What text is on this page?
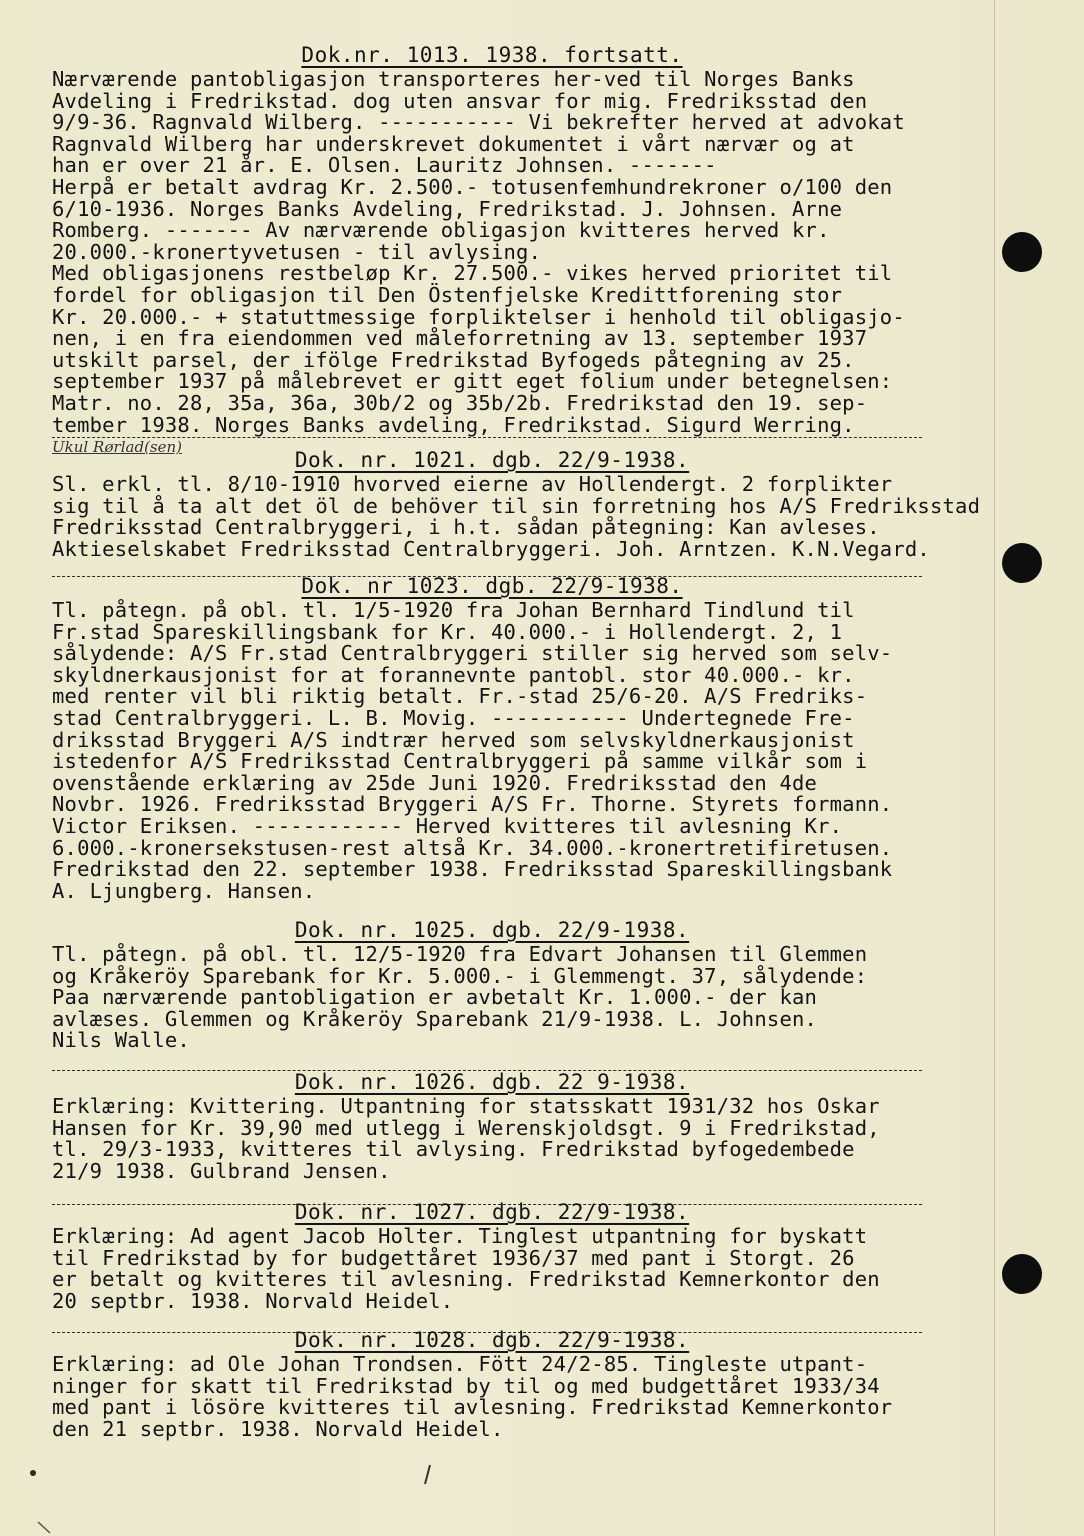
Dok.nr. 1013. 1938. fortsatt.
Nærværende pantobligasjon transporteres her-ved til Norges Banks
Avdeling i Fredrikstad. dog uten ansvar for mig. Fredriksstad den
9/9-36. Ragnvald Wilberg. ----------- Vi bekrefter herved at advokat
Ragnvald Wilberg har underskrevet dokumentet i vårt nærvær og at
han er over 21 år. E. Olsen. Lauritz Johnsen. -------
Herpå er betalt avdrag Kr. 2.500.- totusenfemhundrekroner o/100 den
6/10-1936. Norges Banks Avdeling, Fredrikstad. J. Johnsen. Arne
Romberg. ------- Av nærværende obligasjon kvitteres herved kr.
20.000.-kronertyvetusen - til avlysing.
Med obligasjonens restbeløp Kr. 27.500.- vikes herved prioritet til
fordel for obligasjon til Den Östenfjelske Kredittforening stor
Kr. 20.000.- + statuttmessige forpliktelser i henhold til obligasjo-
nen, i en fra eiendommen ved måleforretning av 13. september 1937
utskilt parsel, der ifölge Fredrikstad Byfogeds påtegning av 25.
september 1937 på målebrevet er gitt eget folium under betegnelsen:
Matr. no. 28, 35a, 36a, 30b/2 og 35b/2b. Fredrikstad den 19. sep-
tember 1938. Norges Banks avdeling, Fredrikstad. Sigurd Werring.
Ukul Rørlad(sen)
Dok. nr. 1021. dgb. 22/9-1938.
Sl. erkl. tl. 8/10-1910 hvorved eierne av Hollendergt. 2 forplikter
sig til å ta alt det öl de behöver til sin forretning hos A/S Fredriksstad
Fredriksstad Centralbryggeri, i h.t. sådan påtegning: Kan avleses.
Aktieselskabet Fredriksstad Centralbryggeri. Joh. Arntzen. K.N.Vegard.
Dok. nr 1023. dgb. 22/9-1938.
Tl. påtegn. på obl. tl. 1/5-1920 fra Johan Bernhard Tindlund til
Fr.stad Spareskillingsbank for Kr. 40.000.- i Hollendergt. 2, 1
sålydende: A/S Fr.stad Centralbryggeri stiller sig herved som selv-
skyldnerkausjonist for at forannevnte pantobl. stor 40.000.- kr.
med renter vil bli riktig betalt. Fr.-stad 25/6-20. A/S Fredriks-
stad Centralbryggeri. L. B. Movig. ----------- Undertegnede Fre-
driksstad Bryggeri A/S indtrær herved som selvskyldnerkausjonist
istedenfor A/S Fredriksstad Centralbryggeri på samme vilkår som i
ovenstående erklæring av 25de Juni 1920. Fredriksstad den 4de
Novbr. 1926. Fredriksstad Bryggeri A/S Fr. Thorne. Styrets formann.
Victor Eriksen. ------------ Herved kvitteres til avlesning Kr.
6.000.-kronersekstusen-rest altså Kr. 34.000.-kronertretifiretusen.
Fredrikstad den 22. september 1938. Fredriksstad Spareskillingsbank
A. Ljungberg. Hansen.
Dok. nr. 1025. dgb. 22/9-1938.
Tl. påtegn. på obl. tl. 12/5-1920 fra Edvart Johansen til Glemmen
og Kråkeröy Sparebank for Kr. 5.000.- i Glemmengt. 37, sålydende:
Paa nærværende pantobligation er avbetalt Kr. 1.000.- der kan
avlæses. Glemmen og Kråkeröy Sparebank 21/9-1938. L. Johnsen.
Nils Walle.
Dok. nr. 1026. dgb. 22 9-1938.
Erklæring: Kvittering. Utpantning for statsskatt 1931/32 hos Oskar
Hansen for Kr. 39,90 med utlegg i Werenskjoldsgt. 9 i Fredrikstad,
tl. 29/3-1933, kvitteres til avlysing. Fredrikstad byfogedembede
21/9 1938. Gulbrand Jensen.
Dok. nr. 1027. dgb. 22/9-1938.
Erklæring: Ad agent Jacob Holter. Tinglest utpantning for byskatt
til Fredrikstad by for budgettåret 1936/37 med pant i Storgt. 26
er betalt og kvitteres til avlesning. Fredrikstad Kemnerkontor den
20 septbr. 1938. Norvald Heidel.
Dok. nr. 1028. dgb. 22/9-1938.
Erklæring: ad Ole Johan Trondsen. Fött 24/2-85. Tingleste utpant-
ninger for skatt til Fredrikstad by til og med budgettåret 1933/34
med pant i lösöre kvitteres til avlesning. Fredrikstad Kemnerkontor
den 21 septbr. 1938. Norvald Heidel.
